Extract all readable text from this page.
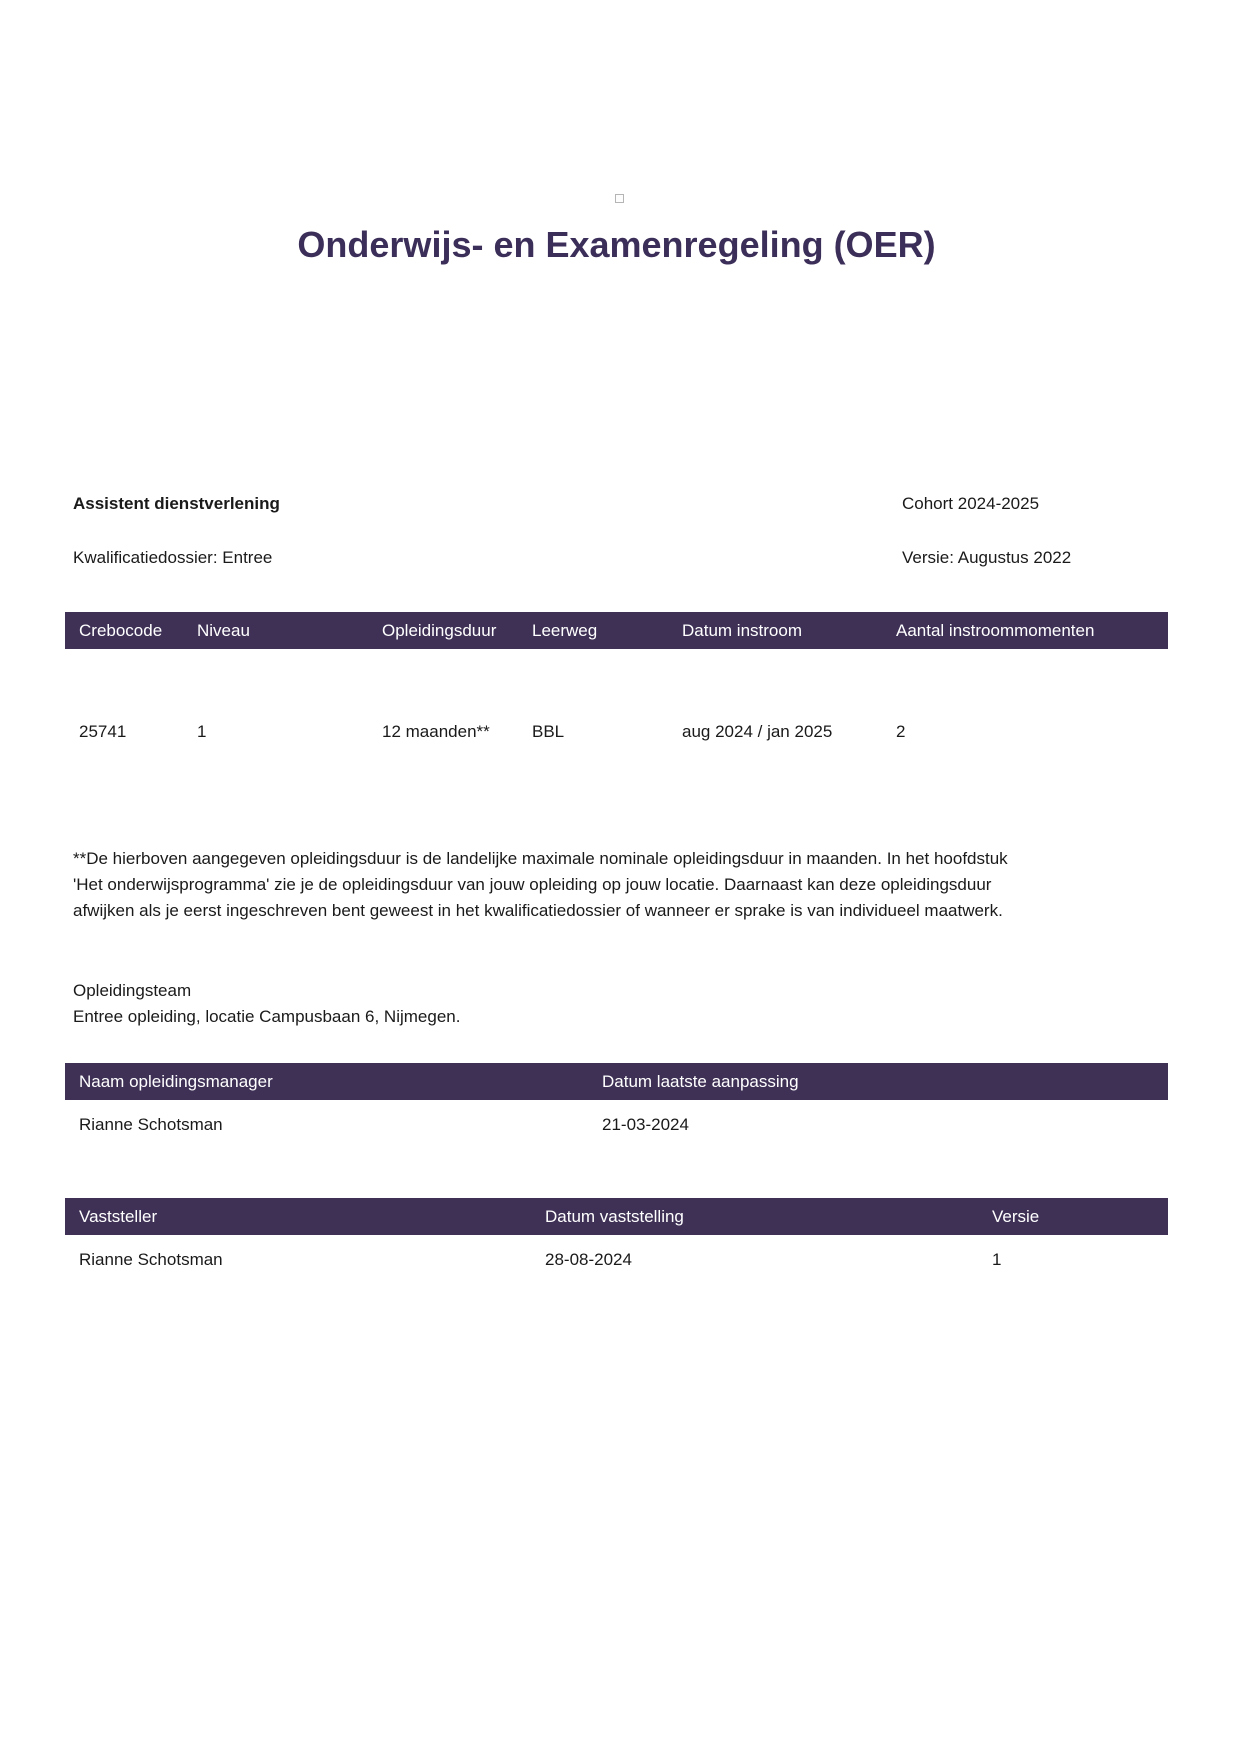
Onderwijs- en Examenregeling (OER)
Assistent dienstverlening	Cohort 2024-2025
Kwalificatiedossier: Entree	Versie: Augustus 2022
Crebocode	Niveau	Opleidingsduur	Leerweg	Datum instroom	Aantal instroommomenten
25741	1	12 maanden**	BBL	aug 2024 / jan 2025	2

**De hierboven aangegeven opleidingsduur is de landelijke maximale nominale opleidingsduur in maanden. In het hoofdstuk 'Het onderwijsprogramma' zie je de opleidingsduur van jouw opleiding op jouw locatie. Daarnaast kan deze opleidingsduur afwijken als je eerst ingeschreven bent geweest in het kwalificatiedossier of wanneer er sprake is van individueel maatwerk.

Opleidingsteam
Entree opleiding, locatie Campusbaan 6, Nijmegen.
Naam opleidingsmanager	Datum laatste aanpassing
Rianne Schotsman	21-03-2024
Vaststeller	Datum vaststelling	Versie
Rianne Schotsman	28-08-2024	1
